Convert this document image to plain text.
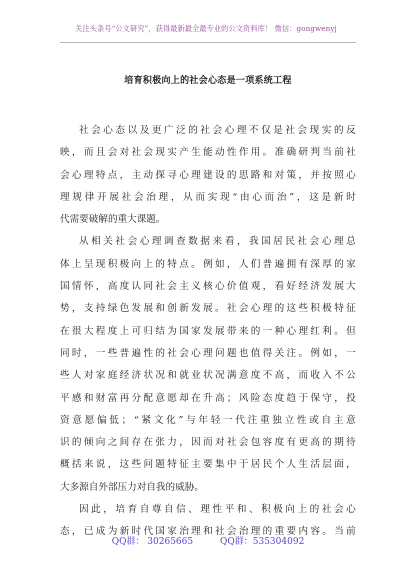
关注头条号“公文研究”，获得最新最全最专业的公文资料库！ 微信：gongwenyj
培育积极向上的社会心态是一项系统工程
社 会 心 态 以 及 更 广 泛 的 社 会 心 理 不 仅 是 社 会 现 实 的 反
映 ， 而 且 会 对 社 会 现 实 产 生 能 动 性 作 用 。 准 确 研 判 当 前 社
会 心 理 特 点 ， 主 动 探 寻 心 理 建 设 的 思 路 和 对 策 ， 并 按 照 心
理 规 律 开 展 社 会 治 理 ， 从 而 实 现 “ 由 心 而 治 ” ， 这 是 新 时
代需要破解的重大课题。
从 相 关 社 会 心 理 调 查 数 据 来 看 ， 我 国 居 民 社 会 心 理 总
体 上 呈 现 积 极 向 上 的 特 点 。 例 如 ， 人 们 普 遍 拥 有 深 厚 的 家
国 情 怀 ， 高 度 认 同 社 会 主 义 核 心 价 值 观 ， 看 好 经 济 发 展 大
势 ， 支 持 绿 色 发 展 和 创 新 发 展 。 社 会 心 理 的 这 些 积 极 特 征
在 很 大 程 度 上 可 归 结 为 国 家 发 展 带 来 的 一 种 心 理 红 利 。 但
同 时 ， 一 些 普 遍 性 的 社 会 心 理 问 题 也 值 得 关 注 。 例 如 ， 一
些 人 对 家 庭 经 济 状 况 和 就 业 状 况 满 意 度 不 高 ， 而 收 入 不 公
平 感 和 财 富 再 分 配 意 愿 却 在 升 高 ； 风 险 态 度 趋 于 保 守 ， 投
资 意 愿 偏 低 ； “ 紧 文 化 ” 与 年 轻 一 代 注 重 独 立 性 或 自 主 意
识 的 倾 向 之 间 存 在 张 力 ， 因 而 对 社 会 包 容 度 有 更 高 的 期 待
概 括 来 说 ， 这 些 问 题 特 征 主 要 集 中 于 居 民 个 人 生 活 层 面 ，
大多源自外部压力对自我的威胁。
因 此 ， 培 育 自 尊 自 信 、 理 性 平 和 、 积 极 向 上 的 社 会 心
态 ， 已 成 为 新 时 代 国 家 治 理 和 社 会 治 理 的 重 要 内 容 。 当 前
QQ群： 30265665	QQ群：535304092
